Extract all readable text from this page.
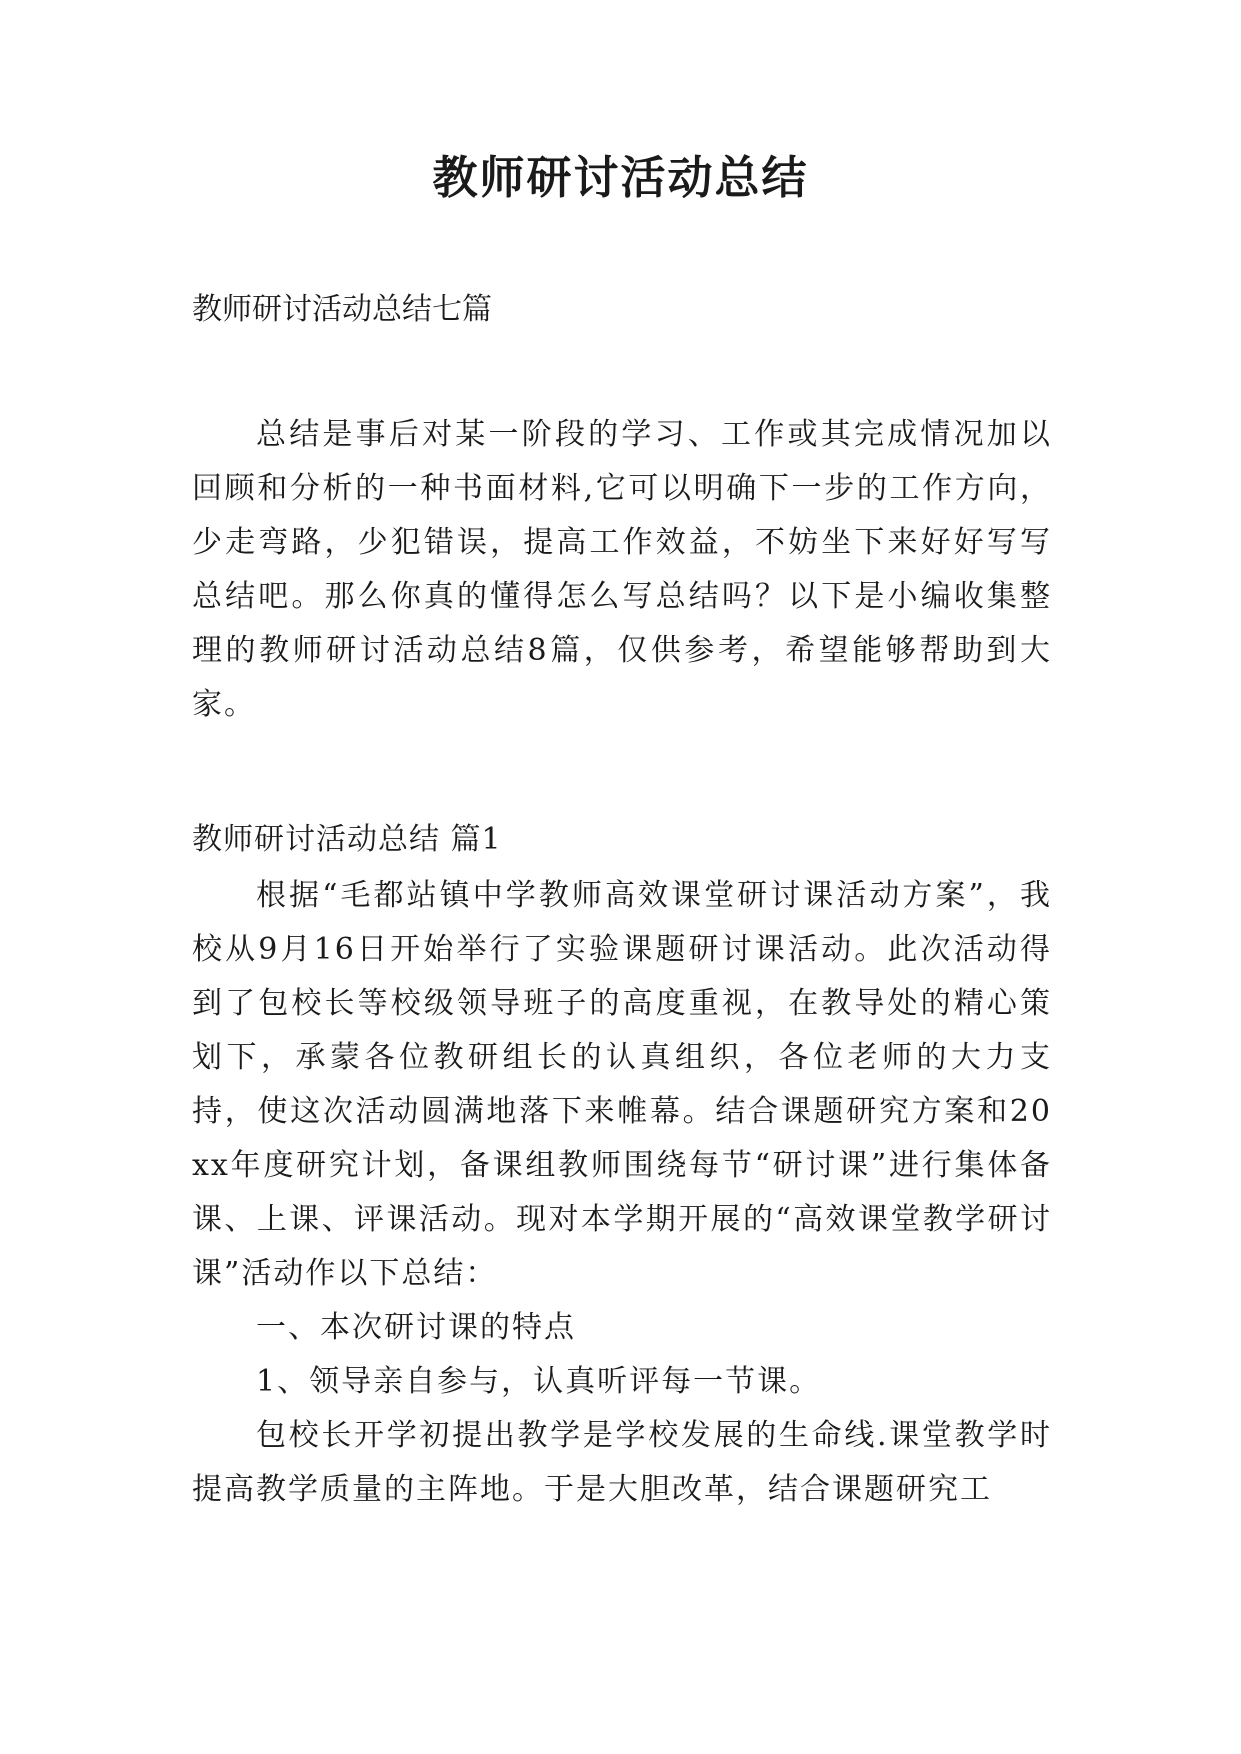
教师研讨活动总结

教师研讨活动总结七篇

总结是事后对某一阶段的学习、工作或其完成情况加以回顾和分析的一种书面材料,它可以明确下一步的工作方向，少走弯路，少犯错误，提高工作效益，不妨坐下来好好写写总结吧。那么你真的懂得怎么写总结吗？以下是小编收集整理的教师研讨活动总结8篇，仅供参考，希望能够帮助到大家。

教师研讨活动总结 篇1

根据“毛都站镇中学教师高效课堂研讨课活动方案”，我校从9月16日开始举行了实验课题研讨课活动。此次活动得到了包校长等校级领导班子的高度重视，在教导处的精心策划下，承蒙各位教研组长的认真组织，各位老师的大力支持，使这次活动圆满地落下来帷幕。结合课题研究方案和20xx年度研究计划，备课组教师围绕每节“研讨课”进行集体备课、上课、评课活动。现对本学期开展的“高效课堂教学研讨课”活动作以下总结：

一、本次研讨课的特点

1、领导亲自参与，认真听评每一节课。

包校长开学初提出教学是学校发展的生命线.课堂教学时提高教学质量的主阵地。于是大胆改革，结合课题研究工
